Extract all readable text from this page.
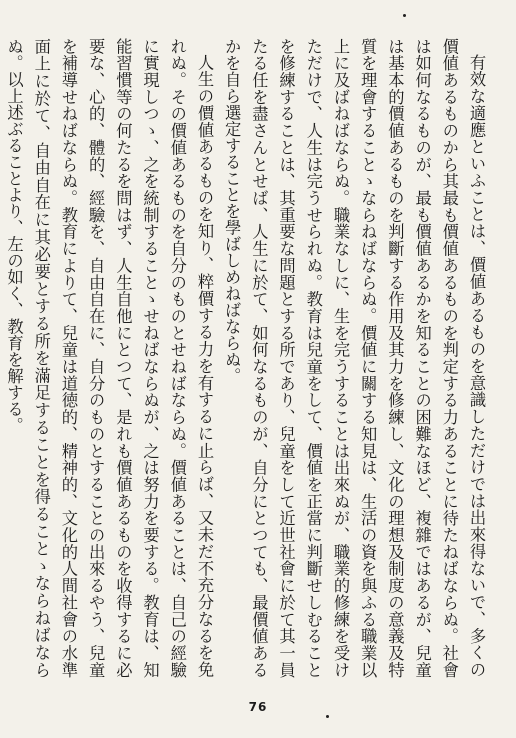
有效な適應といふことは、價値あるものを意識しただけでは出來得ないで、多くの價値あるものから其最も價値あるものを判定する力あることに待たねばならぬ。社會は如何なるものが、最も價値あるかを知ることの困難なほど、複雜ではあるが、兒童は基本的價値あるものを判斷する作用及其力を修練し、文化の理想及制度の意義及特質を理會することゝならねばならぬ。價値に關する知見は、生活の資を與ふる職業以上に及ばねばならぬ。職業なしに、生を完うすることは出來ぬが、職業的修練を受けただけで、人生は完うせられぬ。教育は兒童をして、價値を正當に判斷せしむることを修練することは、其重要な問題とする所であり、兒童をして近世社會に於て其一員たる任を盡さんとせば、人生に於て、如何なるものが、自分にとつても、最價値あるかを自ら選定することを學ばしめねばならぬ。

人生の價値あるものを知り、粹價する力を有するに止らば、又未だ不充分なるを免れぬ。その價値あるものを自分のものとせねばならぬ。價値あることは、自己の經驗に實現しつゝ、之を統制することゝせねばならぬが、之は努力を要する。教育は、知能習慣等の何たるを問はず、人生自他にとつて、是れも價値あるものを收得するに必要な、心的、體的、經驗を、自由自在に、自分のものとすることの出來るやう、兒童を補導せねばならぬ。教育によりて、兒童は道徳的、精神的、文化的人間社會の水準面上に於て、自由自在に其必要とする所を滿足することを得ることゝならねばならぬ。以上述ぶることより、左の如く、教育を解する。

76
